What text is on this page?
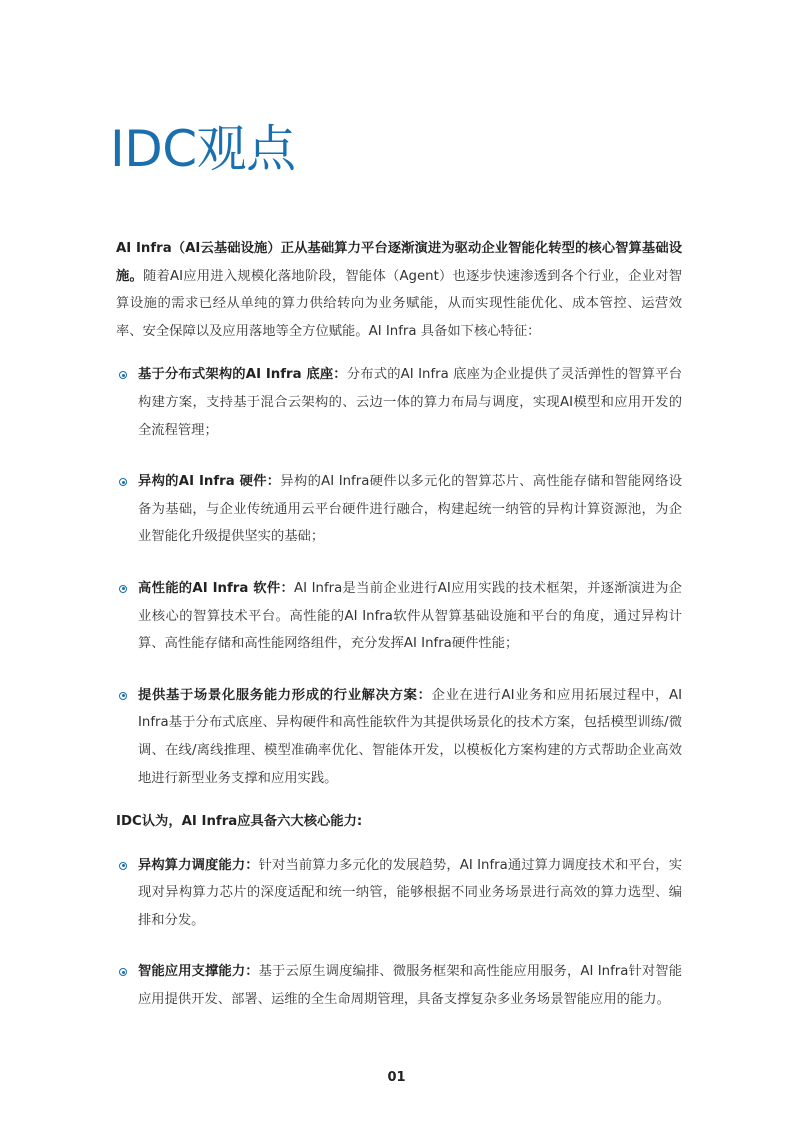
IDC观点

AI Infra（AI云基础设施）正从基础算力平台逐渐演进为驱动企业智能化转型的核心智算基础设施。随着AI应用进入规模化落地阶段，智能体（Agent）也逐步快速渗透到各个行业，企业对智算设施的需求已经从单纯的算力供给转向为业务赋能，从而实现性能优化、成本管控、运营效率、安全保障以及应用落地等全方位赋能。AI Infra 具备如下核心特征：

基于分布式架构的AI Infra 底座：分布式的AI Infra 底座为企业提供了灵活弹性的智算平台构建方案，支持基于混合云架构的、云边一体的算力布局与调度，实现AI模型和应用开发的全流程管理；
异构的AI Infra 硬件：异构的AI Infra硬件以多元化的智算芯片、高性能存储和智能网络设备为基础，与企业传统通用云平台硬件进行融合，构建起统一纳管的异构计算资源池，为企业智能化升级提供坚实的基础；
高性能的AI Infra 软件：AI Infra是当前企业进行AI应用实践的技术框架，并逐渐演进为企业核心的智算技术平台。高性能的AI Infra软件从智算基础设施和平台的角度，通过异构计算、高性能存储和高性能网络组件，充分发挥AI Infra硬件性能；
提供基于场景化服务能力形成的行业解决方案：企业在进行AI业务和应用拓展过程中，AI Infra基于分布式底座、异构硬件和高性能软件为其提供场景化的技术方案，包括模型训练/微调、在线/离线推理、模型准确率优化、智能体开发，以模板化方案构建的方式帮助企业高效地进行新型业务支撑和应用实践。

IDC认为，AI Infra应具备六大核心能力:

异构算力调度能力：针对当前算力多元化的发展趋势，AI Infra通过算力调度技术和平台，实现对异构算力芯片的深度适配和统一纳管，能够根据不同业务场景进行高效的算力选型、编排和分发。
智能应用支撑能力：基于云原生调度编排、微服务框架和高性能应用服务，AI Infra针对智能应用提供开发、部署、运维的全生命周期管理，具备支撑复杂多业务场景智能应用的能力。
01
